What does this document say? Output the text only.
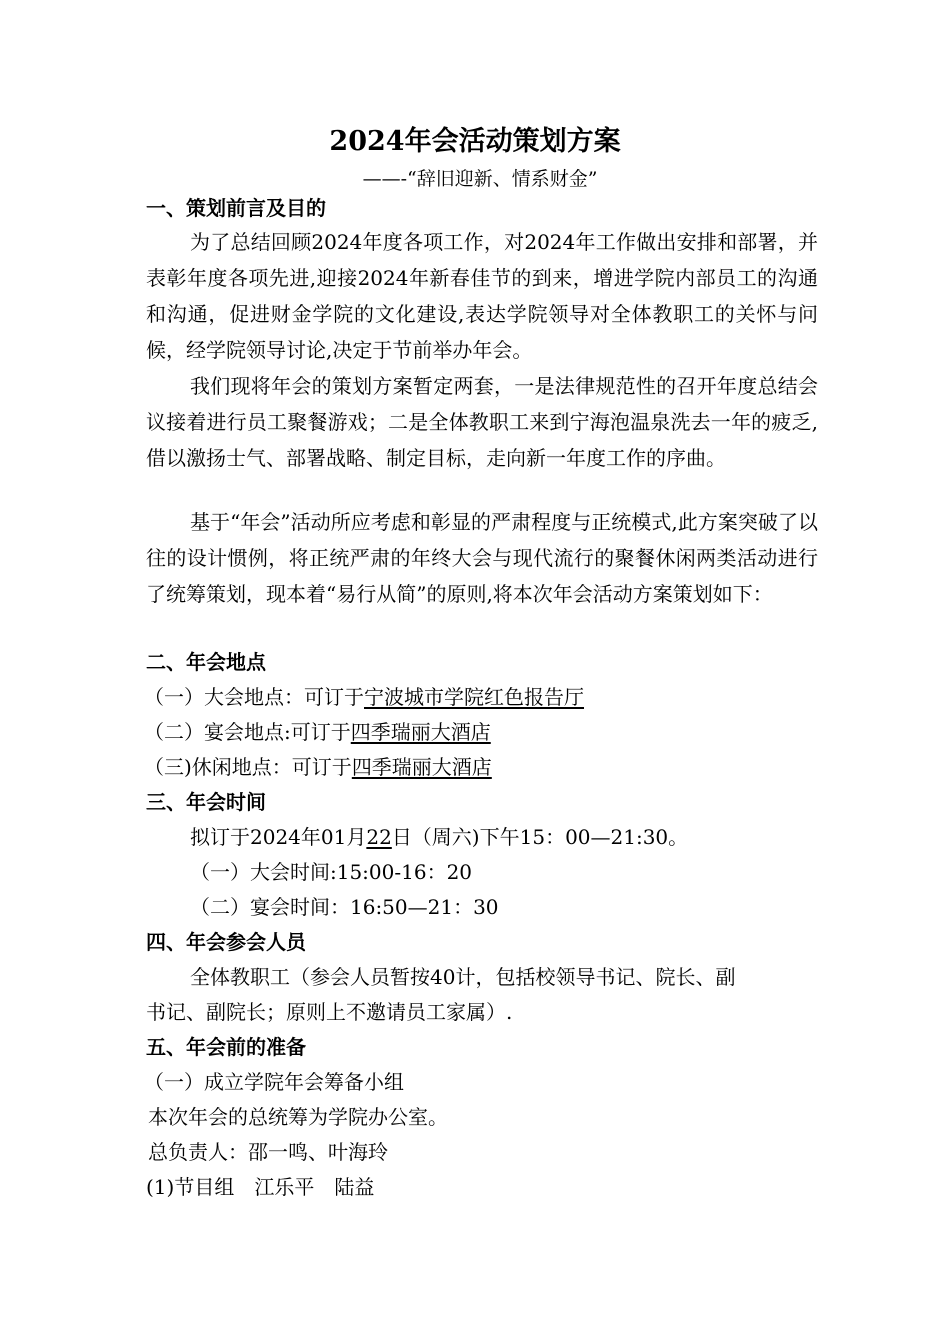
2024年会活动策划方案
——-“辞旧迎新、情系财金”
一、策划前言及目的
为了总结回顾2024年度各项工作，对2024年工作做出安排和部署，并表彰年度各项先进,迎接2024年新春佳节的到来，增进学院内部员工的沟通和沟通，促进财金学院的文化建设,表达学院领导对全体教职工的关怀与问候，经学院领导讨论,决定于节前举办年会。
我们现将年会的策划方案暂定两套，一是法律规范性的召开年度总结会议接着进行员工聚餐游戏；二是全体教职工来到宁海泡温泉洗去一年的疲乏,借以激扬士气、部署战略、制定目标，走向新一年度工作的序曲。
基于“年会”活动所应考虑和彰显的严肃程度与正统模式,此方案突破了以往的设计惯例，将正统严肃的年终大会与现代流行的聚餐休闲两类活动进行了统筹策划，现本着“易行从简”的原则,将本次年会活动方案策划如下：
二、年会地点
（一）大会地点：可订于宁波城市学院红色报告厅
（二）宴会地点:可订于四季瑞丽大酒店
（三)休闲地点：可订于四季瑞丽大酒店
三、年会时间
拟订于2024年01月22日（周六)下午15：00—21:30。
（一）大会时间:15:00-16：20
（二）宴会时间：16:50—21：30
四、年会参会人员
全体教职工（参会人员暂按40计，包括校领导书记、院长、副
书记、副院长；原则上不邀请员工家属）.
五、年会前的准备
（一）成立学院年会筹备小组
本次年会的总统筹为学院办公室。
总负责人：邵一鸣、叶海玲
(1)节目组　江乐平　陆益
